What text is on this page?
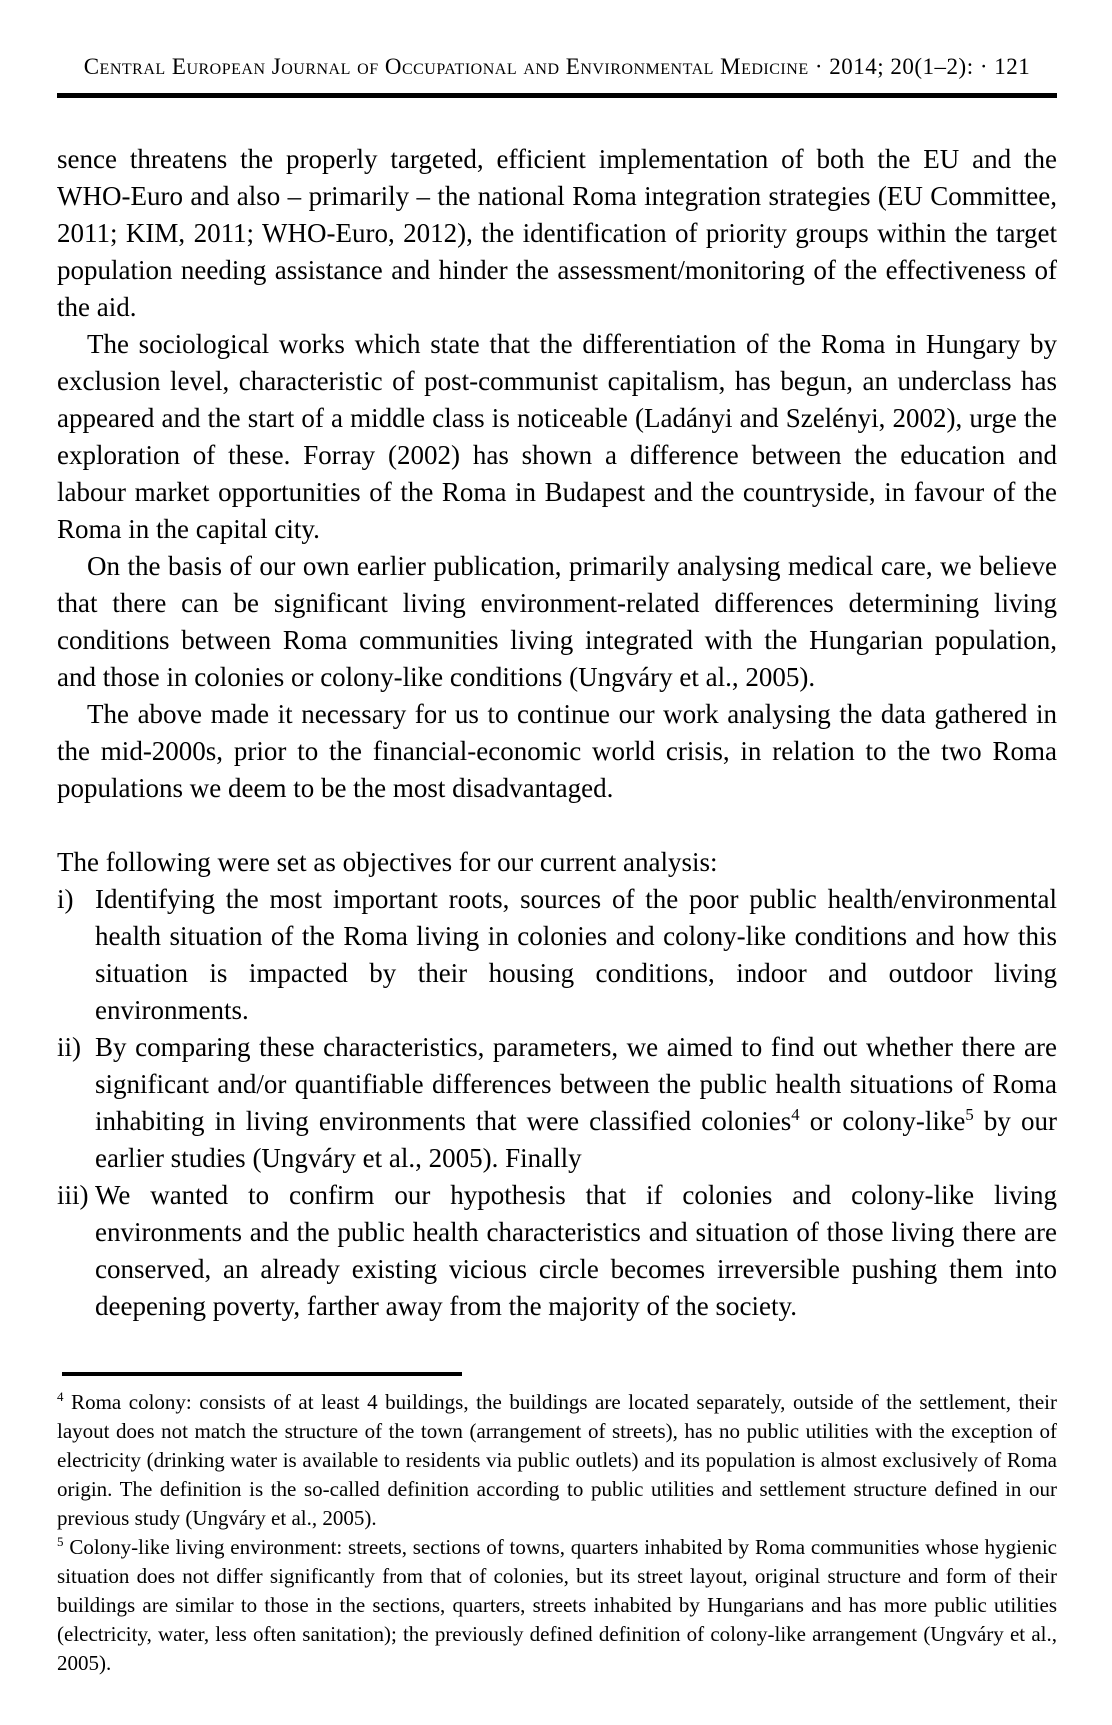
Central European Journal of Occupational and Environmental Medicine · 2014; 20(1–2): · 121

sence threatens the properly targeted, efficient implementation of both the EU and the WHO-Euro and also – primarily – the national Roma integration strategies (EU Committee, 2011; KIM, 2011; WHO-Euro, 2012), the identification of priority groups within the target population needing assistance and hinder the assessment/monitoring of the effectiveness of the aid.

The sociological works which state that the differentiation of the Roma in Hungary by exclusion level, characteristic of post-communist capitalism, has begun, an underclass has appeared and the start of a middle class is noticeable (Ladányi and Szelényi, 2002), urge the exploration of these. Forray (2002) has shown a difference between the education and labour market opportunities of the Roma in Budapest and the countryside, in favour of the Roma in the capital city.

On the basis of our own earlier publication, primarily analysing medical care, we believe that there can be significant living environment-related differences determining living conditions between Roma communities living integrated with the Hungarian population, and those in colonies or colony-like conditions (Ungváry et al., 2005).

The above made it necessary for us to continue our work analysing the data gathered in the mid-2000s, prior to the financial-economic world crisis, in relation to the two Roma populations we deem to be the most disadvantaged.

The following were set as objectives for our current analysis:

i) Identifying the most important roots, sources of the poor public health/environmental health situation of the Roma living in colonies and colony-like conditions and how this situation is impacted by their housing conditions, indoor and outdoor living environments.
ii) By comparing these characteristics, parameters, we aimed to find out whether there are significant and/or quantifiable differences between the public health situations of Roma inhabiting in living environments that were classified colonies$^4$ or colony-like$^5$ by our earlier studies (Ungváry et al., 2005). Finally
iii) We wanted to confirm our hypothesis that if colonies and colony-like living environments and the public health characteristics and situation of those living there are conserved, an already existing vicious circle becomes irreversible pushing them into deepening poverty, farther away from the majority of the society.

$^4$ Roma colony: consists of at least 4 buildings, the buildings are located separately, outside of the settlement, their layout does not match the structure of the town (arrangement of streets), has no public utilities with the exception of electricity (drinking water is available to residents via public outlets) and its population is almost exclusively of Roma origin. The definition is the so-called definition according to public utilities and settlement structure defined in our previous study (Ungváry et al., 2005).

$^5$ Colony-like living environment: streets, sections of towns, quarters inhabited by Roma communities whose hygienic situation does not differ significantly from that of colonies, but its street layout, original structure and form of their buildings are similar to those in the sections, quarters, streets inhabited by Hungarians and has more public utilities (electricity, water, less often sanitation); the previously defined definition of colony-like arrangement (Ungváry et al., 2005).
